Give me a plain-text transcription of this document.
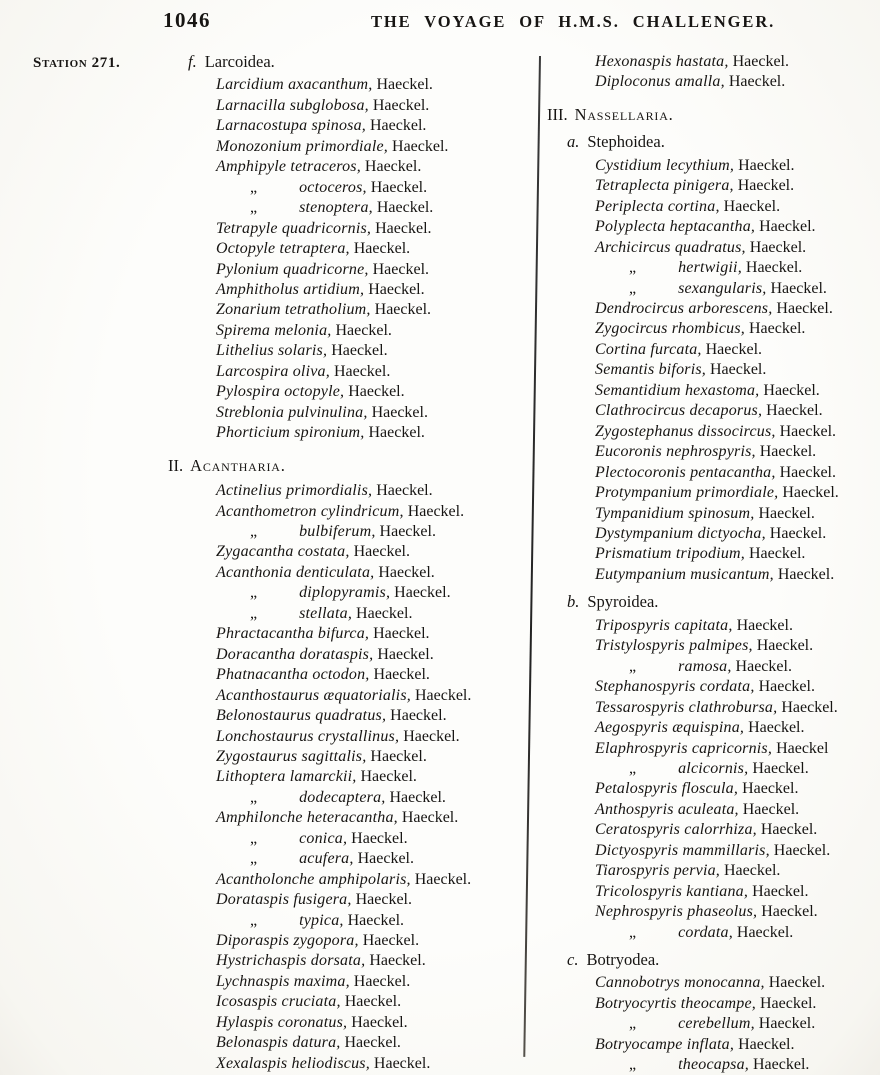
1046	THE VOYAGE OF H.M.S. CHALLENGER.
Station 271.	f. Larcoidea.
Larcidium axacanthum, Haeckel.
Larnacilla subglobosa, Haeckel.
Larnacostupa spinosa, Haeckel.
Monozonium primordiale, Haeckel.
Amphipyle tetraceros, Haeckel.
„	octoceros, Haeckel.
„	stenoptera, Haeckel.
Tetrapyle quadricornis, Haeckel.
Octopyle tetraptera, Haeckel.
Pylonium quadricorne, Haeckel.
Amphitholus artidium, Haeckel.
Zonarium tetratholium, Haeckel.
Spirema melonia, Haeckel.
Lithelius solaris, Haeckel.
Larcospira oliva, Haeckel.
Pylospira octopyle, Haeckel.
Streblonia pulvinulina, Haeckel.
Phorticium spironium, Haeckel.
II. Acantharia.
Actinelius primordialis, Haeckel.
Acanthometron cylindricum, Haeckel.
„	bulbiferum, Haeckel.
Zygacantha costata, Haeckel.
Acanthonia denticulata, Haeckel.
„	diplopyramis, Haeckel.
„	stellata, Haeckel.
Phractacantha bifurca, Haeckel.
Doracantha dorataspis, Haeckel.
Phatnacantha octodon, Haeckel.
Acanthostaurus æquatorialis, Haeckel.
Belonostaurus quadratus, Haeckel.
Lonchostaurus crystallinus, Haeckel.
Zygostaurus sagittalis, Haeckel.
Lithoptera lamarckii, Haeckel.
„	dodecaptera, Haeckel.
Amphilonche heteracantha, Haeckel.
„	conica, Haeckel.
„	acufera, Haeckel.
Acantholonche amphipolaris, Haeckel.
Dorataspis fusigera, Haeckel.
„	typica, Haeckel.
Diporaspis zygopora, Haeckel.
Hystrichaspis dorsata, Haeckel.
Lychnaspis maxima, Haeckel.
Icosaspis cruciata, Haeckel.
Hylaspis coronatus, Haeckel.
Belonaspis datura, Haeckel.
Xexalaspis heliodiscus, Haeckel.
Hexonaspis hastata, Haeckel.
Diploconus amalla, Haeckel.
III. Nassellaria.
a. Stephoidea.
Cystidium lecythium, Haeckel.
Tetraplecta pinigera, Haeckel.
Periplecta cortina, Haeckel.
Polyplecta heptacantha, Haeckel.
Archicircus quadratus, Haeckel.
„	hertwigii, Haeckel.
„	sexangularis, Haeckel.
Dendrocircus arborescens, Haeckel.
Zygocircus rhombicus, Haeckel.
Cortina furcata, Haeckel.
Semantis biforis, Haeckel.
Semantidium hexastoma, Haeckel.
Clathrocircus decaporus, Haeckel.
Zygostephanus dissocircus, Haeckel.
Eucoronis nephrospyris, Haeckel.
Plectocoronis pentacantha, Haeckel.
Protympanium primordiale, Haeckel.
Tympanidium spinosum, Haeckel.
Dystympanium dictyocha, Haeckel.
Prismatium tripodium, Haeckel.
Eutympanium musicantum, Haeckel.
b. Spyroidea.
Tripospyris capitata, Haeckel.
Tristylospyris palmipes, Haeckel.
„	ramosa, Haeckel.
Stephanospyris cordata, Haeckel.
Tessarospyris clathrobursa, Haeckel.
Aegospyris æquispina, Haeckel.
Elaphrospyris capricornis, Haeckel
„	alcicornis, Haeckel.
Petalospyris floscula, Haeckel.
Anthospyris aculeata, Haeckel.
Ceratospyris calorrhiza, Haeckel.
Dictyospyris mammillaris, Haeckel.
Tiarospyris pervia, Haeckel.
Tricolospyris kantiana, Haeckel.
Nephrospyris phaseolus, Haeckel.
„	cordata, Haeckel.
c. Botryodea.
Cannobotrys monocanna, Haeckel.
Botryocyrtis theocampe, Haeckel.
„	cerebellum, Haeckel.
Botryocampe inflata, Haeckel.
„	theocapsa, Haeckel.
